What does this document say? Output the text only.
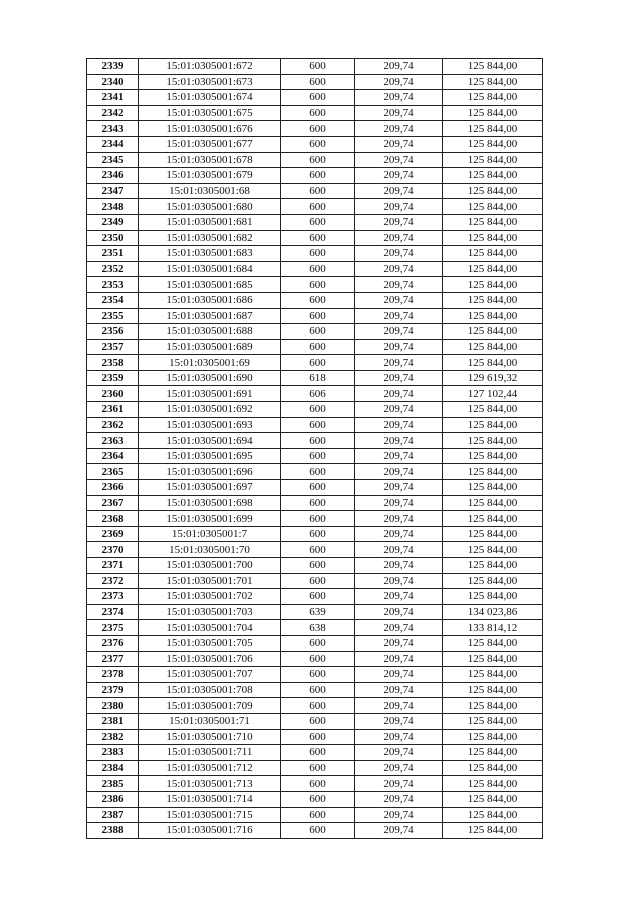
2339	15:01:0305001:672	600	209,74	125 844,00
2340	15:01:0305001:673	600	209,74	125 844,00
2341	15:01:0305001:674	600	209,74	125 844,00
2342	15:01:0305001:675	600	209,74	125 844,00
2343	15:01:0305001:676	600	209,74	125 844,00
2344	15:01:0305001:677	600	209,74	125 844,00
2345	15:01:0305001:678	600	209,74	125 844,00
2346	15:01:0305001:679	600	209,74	125 844,00
2347	15:01:0305001:68	600	209,74	125 844,00
2348	15:01:0305001:680	600	209,74	125 844,00
2349	15:01:0305001:681	600	209,74	125 844,00
2350	15:01:0305001:682	600	209,74	125 844,00
2351	15:01:0305001:683	600	209,74	125 844,00
2352	15:01:0305001:684	600	209,74	125 844,00
2353	15:01:0305001:685	600	209,74	125 844,00
2354	15:01:0305001:686	600	209,74	125 844,00
2355	15:01:0305001:687	600	209,74	125 844,00
2356	15:01:0305001:688	600	209,74	125 844,00
2357	15:01:0305001:689	600	209,74	125 844,00
2358	15:01:0305001:69	600	209,74	125 844,00
2359	15:01:0305001:690	618	209,74	129 619,32
2360	15:01:0305001:691	606	209,74	127 102,44
2361	15:01:0305001:692	600	209,74	125 844,00
2362	15:01:0305001:693	600	209,74	125 844,00
2363	15:01:0305001:694	600	209,74	125 844,00
2364	15:01:0305001:695	600	209,74	125 844,00
2365	15:01:0305001:696	600	209,74	125 844,00
2366	15:01:0305001:697	600	209,74	125 844,00
2367	15:01:0305001:698	600	209,74	125 844,00
2368	15:01:0305001:699	600	209,74	125 844,00
2369	15:01:0305001:7	600	209,74	125 844,00
2370	15:01:0305001:70	600	209,74	125 844,00
2371	15:01:0305001:700	600	209,74	125 844,00
2372	15:01:0305001:701	600	209,74	125 844,00
2373	15:01:0305001:702	600	209,74	125 844,00
2374	15:01:0305001:703	639	209,74	134 023,86
2375	15:01:0305001:704	638	209,74	133 814,12
2376	15:01:0305001:705	600	209,74	125 844,00
2377	15:01:0305001:706	600	209,74	125 844,00
2378	15:01:0305001:707	600	209,74	125 844,00
2379	15:01:0305001:708	600	209,74	125 844,00
2380	15:01:0305001:709	600	209,74	125 844,00
2381	15:01:0305001:71	600	209,74	125 844,00
2382	15:01:0305001:710	600	209,74	125 844,00
2383	15:01:0305001:711	600	209,74	125 844,00
2384	15:01:0305001:712	600	209,74	125 844,00
2385	15:01:0305001:713	600	209,74	125 844,00
2386	15:01:0305001:714	600	209,74	125 844,00
2387	15:01:0305001:715	600	209,74	125 844,00
2388	15:01:0305001:716	600	209,74	125 844,00
